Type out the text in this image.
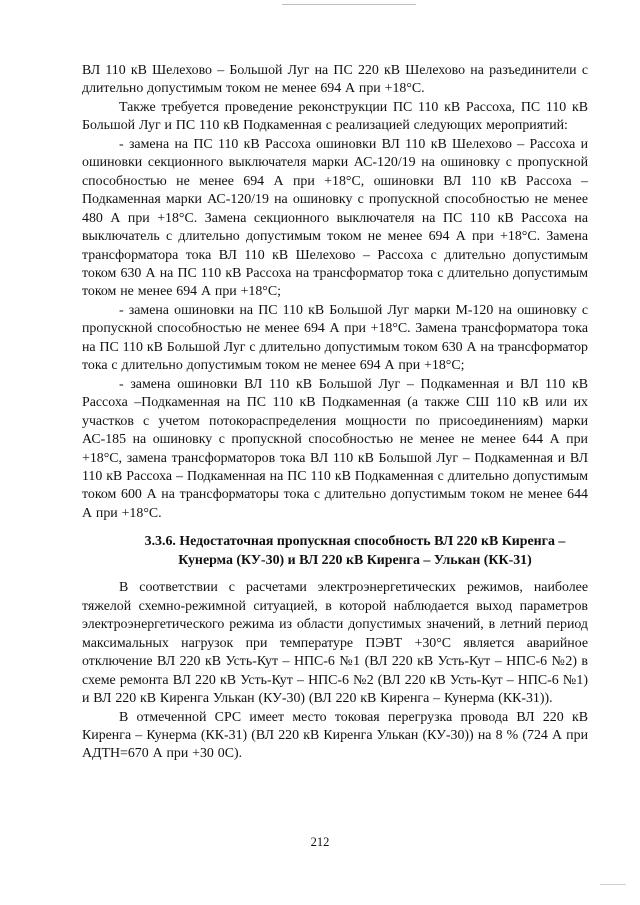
ВЛ 110 кВ Шелехово – Большой Луг на ПС 220 кВ Шелехово на разъединители с длительно допустимым током не менее 694 А при +18°С.

Также требуется проведение реконструкции ПС 110 кВ Рассоха, ПС 110 кВ Большой Луг и ПС 110 кВ Подкаменная с реализацией следующих мероприятий:

- замена на ПС 110 кВ Рассоха ошиновки ВЛ 110 кВ Шелехово – Рассоха и ошиновки секционного выключателя марки АС-120/19 на ошиновку с пропускной способностью не менее 694 А при +18°С, ошиновки ВЛ 110 кВ Рассоха – Подкаменная марки АС-120/19 на ошиновку с пропускной способностью не менее 480 А при +18°С. Замена секционного выключателя на ПС 110 кВ Рассоха на выключатель с длительно допустимым током не менее 694 А при +18°С. Замена трансформатора тока ВЛ 110 кВ Шелехово – Рассоха с длительно допустимым током 630 А на ПС 110 кВ Рассоха на трансформатор тока с длительно допустимым током не менее 694 А при +18°С;

- замена ошиновки на ПС 110 кВ Большой Луг марки М-120 на ошиновку с пропускной способностью не менее 694 А при +18°С. Замена трансформатора тока на ПС 110 кВ Большой Луг с длительно допустимым током 630 А на трансформатор тока с длительно допустимым током не менее 694 А при +18°С;

- замена ошиновки ВЛ 110 кВ Большой Луг – Подкаменная и ВЛ 110 кВ Рассоха –Подкаменная на ПС 110 кВ Подкаменная (а также СШ 110 кВ или их участков с учетом потокораспределения мощности по присоединениям) марки АС-185 на ошиновку с пропускной способностью не менее не менее 644 А при +18°С, замена трансформаторов тока ВЛ 110 кВ Большой Луг – Подкаменная и ВЛ 110 кВ Рассоха – Подкаменная на ПС 110 кВ Подкаменная с длительно допустимым током 600 А на трансформаторы тока с длительно допустимым током не менее 644 А при +18°С.

3.3.6. Недостаточная пропускная способность ВЛ 220 кВ Киренга –
Кунерма (КУ-30) и ВЛ 220 кВ Киренга – Улькан (КК-31)

В соответствии с расчетами электроэнергетических режимов, наиболее тяжелой схемно-режимной ситуацией, в которой наблюдается выход параметров электроэнергетического режима из области допустимых значений, в летний период максимальных нагрузок при температуре ПЭВТ +30°С является аварийное отключение ВЛ 220 кВ Усть-Кут – НПС-6 №1 (ВЛ 220 кВ Усть-Кут – НПС-6 №2) в схеме ремонта ВЛ 220 кВ Усть-Кут – НПС-6 №2 (ВЛ 220 кВ Усть-Кут – НПС-6 №1) и ВЛ 220 кВ Киренга Улькан (КУ-30) (ВЛ 220 кВ Киренга – Кунерма (КК-31)).

В отмеченной СРС имеет место токовая перегрузка провода ВЛ 220 кВ Киренга – Кунерма (КК-31) (ВЛ 220 кВ Киренга Улькан (КУ-30)) на 8 % (724 А при АДТН=670 А при +30 0С).

212
